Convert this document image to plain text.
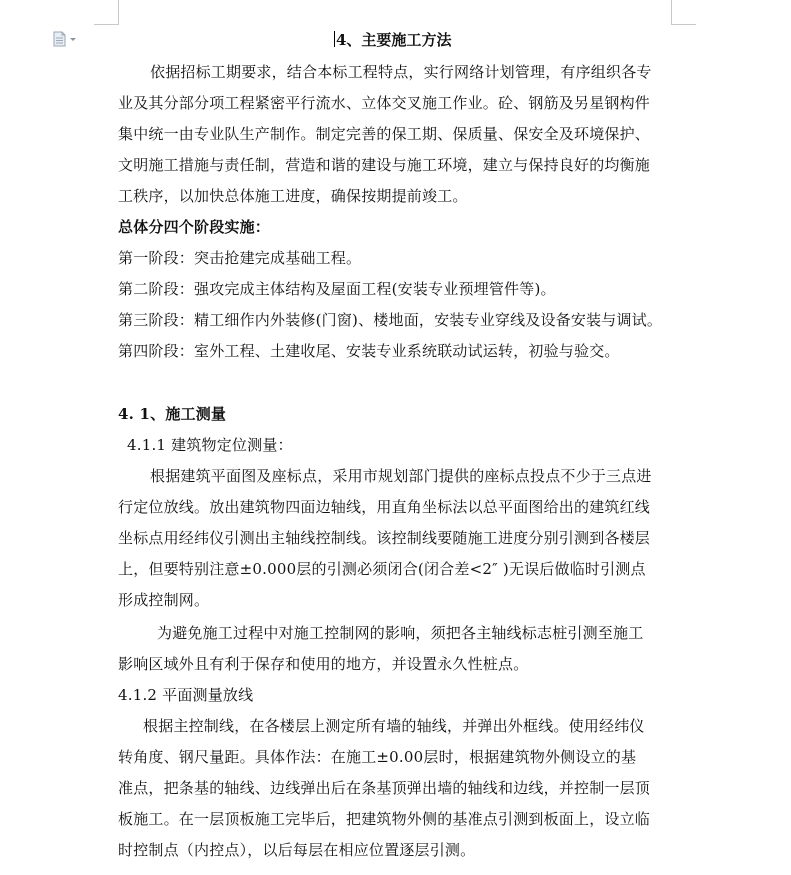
4、主要施工方法
依据招标工期要求，结合本标工程特点，实行网络计划管理，有序组织各专
业及其分部分项工程紧密平行流水、立体交叉施工作业。砼、钢筋及另星钢构件
集中统一由专业队生产制作。制定完善的保工期、保质量、保安全及环境保护、
文明施工措施与责任制，营造和谐的建设与施工环境，建立与保持良好的均衡施
工秩序，以加快总体施工进度，确保按期提前竣工。
总体分四个阶段实施：
第一阶段：突击抢建完成基础工程。
第二阶段：强攻完成主体结构及屋面工程(安装专业预埋管件等)。
第三阶段：精工细作内外装修(门窗)、楼地面，安装专业穿线及设备安装与调试。
第四阶段：室外工程、土建收尾、安装专业系统联动试运转，初验与验交。
4. 1、施工测量
4.1.1 建筑物定位测量：
根据建筑平面图及座标点，采用市规划部门提供的座标点投点不少于三点进
行定位放线。放出建筑物四面边轴线，用直角坐标法以总平面图给出的建筑红线
坐标点用经纬仪引测出主轴线控制线。该控制线要随施工进度分别引测到各楼层
上，但要特别注意±0.000层的引测必须闭合(闭合差<2″ )无误后做临时引测点
形成控制网。
为避免施工过程中对施工控制网的影响，须把各主轴线标志桩引测至施工
影响区域外且有利于保存和使用的地方，并设置永久性桩点。
4.1.2 平面测量放线
根据主控制线，在各楼层上测定所有墙的轴线，并弹出外框线。使用经纬仪
转角度、钢尺量距。具体作法：在施工±0.00层时，根据建筑物外侧设立的基
准点，把条基的轴线、边线弹出后在条基顶弹出墙的轴线和边线，并控制一层顶
板施工。在一层顶板施工完毕后，把建筑物外侧的基准点引测到板面上，设立临
时控制点（内控点），以后每层在相应位置逐层引测。
